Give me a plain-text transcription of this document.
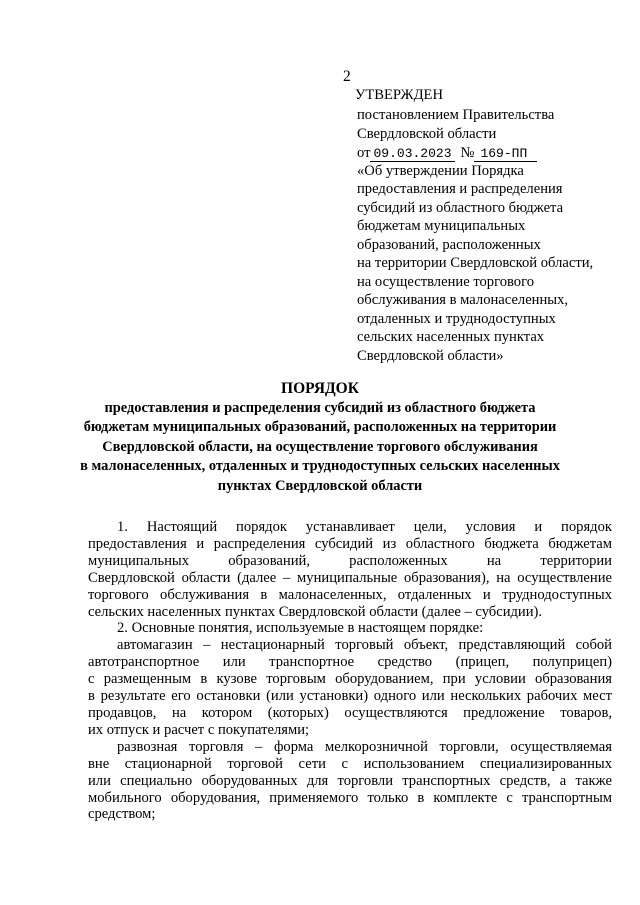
2
УТВЕРЖДЕН
постановлением Правительства
Свердловской области
от 09.03.2023 № 169-ПП
«Об утверждении Порядка
предоставления и распределения
субсидий из областного бюджета
бюджетам муниципальных
образований, расположенных
на территории Свердловской области,
на осуществление торгового
обслуживания в малонаселенных,
отдаленных и труднодоступных
сельских населенных пунктах
Свердловской области»
ПОРЯДОК
предоставления и распределения субсидий из областного бюджета
бюджетам муниципальных образований, расположенных на территории
Свердловской области, на осуществление торгового обслуживания
в малонаселенных, отдаленных и труднодоступных сельских населенных
пунктах Свердловской области
1. Настоящий порядок устанавливает цели, условия и порядок
предоставления и распределения субсидий из областного бюджета бюджетам
муниципальных образований, расположенных на территории
Свердловской области (далее – муниципальные образования), на осуществление
торгового обслуживания в малонаселенных, отдаленных и труднодоступных
сельских населенных пунктах Свердловской области (далее – субсидии).
2. Основные понятия, используемые в настоящем порядке:
автомагазин – нестационарный торговый объект, представляющий собой
автотранспортное или транспортное средство (прицеп, полуприцеп)
с размещенным в кузове торговым оборудованием, при условии образования
в результате его остановки (или установки) одного или нескольких рабочих мест
продавцов, на котором (которых) осуществляются предложение товаров,
их отпуск и расчет с покупателями;
развозная торговля – форма мелкорозничной торговли, осуществляемая
вне стационарной торговой сети с использованием специализированных
или специально оборудованных для торговли транспортных средств, а также
мобильного оборудования, применяемого только в комплекте с транспортным
средством;
